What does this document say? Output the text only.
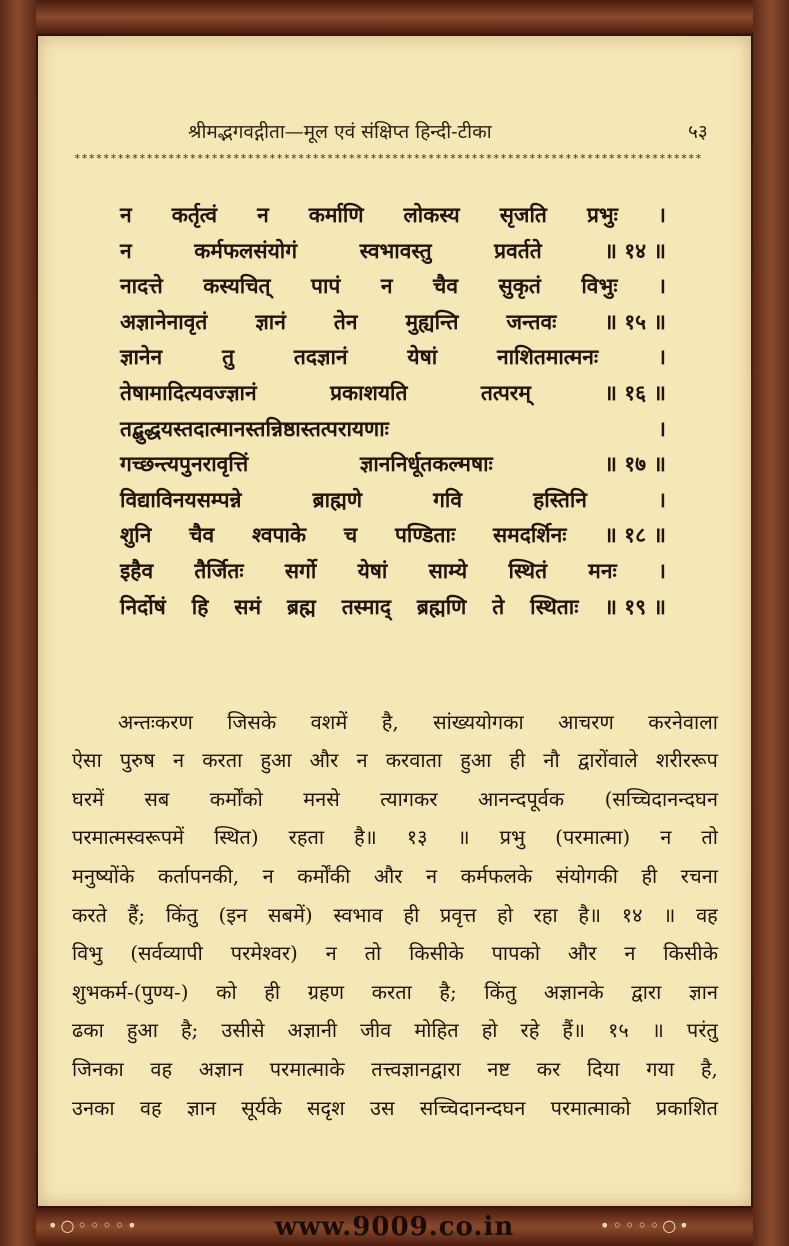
श्रीमद्भगवद्गीता—मूल एवं संक्षिप्त हिन्दी-टीका	५३
***************************************************************************************
न कर्तृत्वं न कर्माणि लोकस्य सृजति प्रभुः ।
न	कर्मफलसंयोगं	स्वभावस्तु	प्रवर्तते	॥ १४ ॥
नादत्ते कस्यचित् पापं न चैव सुकृतं विभुः ।
अज्ञानेनावृतं ज्ञानं तेन मुह्यन्ति जन्तवः ॥ १५ ॥
ज्ञानेन	तु	तदज्ञानं	येषां	नाशितमात्मनः	।
तेषामादित्यवज्ज्ञानं	प्रकाशयति	तत्परम्	॥ १६ ॥
तद्बुद्धयस्तदात्मानस्तन्निष्ठास्तत्परायणाः	।
गच्छन्त्यपुनरावृत्तिं	ज्ञाननिर्धूतकल्मषाः	॥ १७ ॥
विद्याविनयसम्पन्ने	ब्राह्मणे	गवि	हस्तिनि	।
शुनि चैव श्वपाके च पण्डिताः समदर्शिनः ॥ १८ ॥
इहैव तैर्जितः सर्गो येषां साम्ये स्थितं मनः ।
निर्दोषं हि समं ब्रह्म तस्माद् ब्रह्मणि ते स्थिताः ॥ १९ ॥
अन्तःकरण जिसके वशमें है, सांख्ययोगका आचरण करनेवाला
ऐसा पुरुष न करता हुआ और न करवाता हुआ ही नौ द्वारोंवाले शरीररूप
घरमें सब कर्मोंको मनसे त्यागकर आनन्दपूर्वक (सच्चिदानन्दघन
परमात्मस्वरूपमें स्थित) रहता है॥ १३ ॥ प्रभु (परमात्मा) न तो
मनुष्योंके कर्तापनकी, न कर्मोंकी और न कर्मफलके संयोगकी ही रचना
करते हैं; किंतु (इन सबमें) स्वभाव ही प्रवृत्त हो रहा है॥ १४ ॥ वह
विभु (सर्वव्यापी परमेश्वर) न तो किसीके पापको और न किसीके
शुभकर्म-(पुण्य-) को ही ग्रहण करता है; किंतु अज्ञानके द्वारा ज्ञान
ढका हुआ है; उसीसे अज्ञानी जीव मोहित हो रहे हैं॥ १५ ॥ परंतु
जिनका वह अज्ञान परमात्माके तत्त्वज्ञानद्वारा नष्ट कर दिया गया है,
उनका वह ज्ञान सूर्यके सदृश उस सच्चिदानन्दघन परमात्माको प्रकाशित
•○◦◦◦◦•	www.9009.co.in	•◦◦◦◦○•
